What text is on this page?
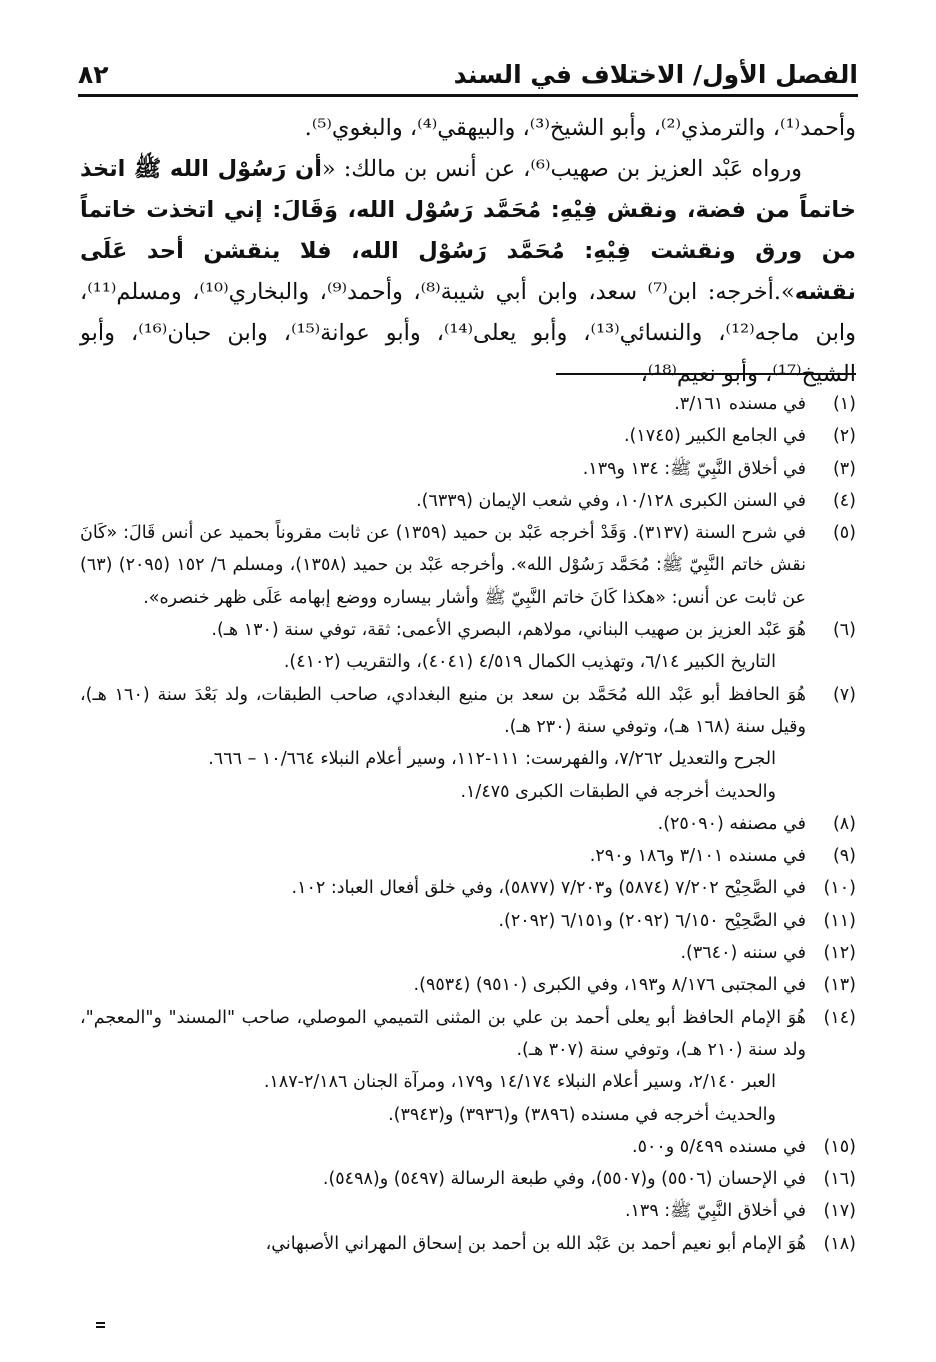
الفصل الأول/ الاختلاف في السند
٨٢

وأحمد⁽¹⁾، والترمذي⁽²⁾، وأبو الشيخ⁽³⁾، والبيهقي⁽⁴⁾، والبغوي⁽⁵⁾.

ورواه عَبْد العزيز بن صهيب⁽⁶⁾، عن أنس بن مالك: «أن رَسُوْل الله ﷺ اتخذ خاتماً من فضة، ونقش فِيْهِ: مُحَمَّد رَسُوْل الله، وَقَالَ: إني اتخذت خاتماً من ورق ونقشت فِيْهِ: مُحَمَّد رَسُوْل الله، فلا ينقشن أحد عَلَى نقشه».أخرجه: ابن⁽⁷⁾ سعد، وابن أبي شيبة⁽⁸⁾، وأحمد⁽⁹⁾، والبخاري⁽¹⁰⁾، ومسلم⁽¹¹⁾، وابن ماجه⁽¹²⁾، والنسائي⁽¹³⁾، وأبو يعلى⁽¹⁴⁾، وأبو عوانة⁽¹⁵⁾، وابن حبان⁽¹⁶⁾، وأبو الشيخ⁽¹⁷⁾، وأبو نعيم⁽¹⁸⁾،

(١)
في مسنده ٣/١٦١.
(٢)
في الجامع الكبير (١٧٤٥).
(٣)
في أخلاق النَّبِيّ ﷺ: ١٣٤ و١٣٩.
(٤)
في السنن الكبرى ١٠/١٢٨، وفي شعب الإيمان (٦٣٣٩).
(٥)
في شرح السنة (٣١٣٧). وَقَدْ أخرجه عَبْد بن حميد (١٣٥٩) عن ثابت مقروناً بحميد عن أنس قَالَ: «كَانَ نقش خاتم النَّبِيّ ﷺ: مُحَمَّد رَسُوْل الله». وأخرجه عَبْد بن حميد (١٣٥٨)، ومسلم ٦/ ١٥٢ (٢٠٩٥) (٦٣) عن ثابت عن أنس: «هكذا كَانَ خاتم النَّبِيّ ﷺ وأشار بيساره ووضع إبهامه عَلَى ظهر خنصره».
(٦)
هُوَ عَبْد العزيز بن صهيب البناني، مولاهم، البصري الأعمى: ثقة، توفي سنة (١٣٠ هـ).
التاريخ الكبير ٦/١٤، وتهذيب الكمال ٤/٥١٩ (٤٠٤١)، والتقريب (٤١٠٢).
(٧)
هُوَ الحافظ أبو عَبْد الله مُحَمَّد بن سعد بن منيع البغدادي، صاحب الطبقات، ولد بَعْدَ سنة (١٦٠ هـ)، وقيل سنة (١٦٨ هـ)، وتوفي سنة (٢٣٠ هـ).
الجرح والتعديل ٧/٢٦٢، والفهرست: ١١١-١١٢، وسير أعلام النبلاء ١٠/٦٦٤ – ٦٦٦.
والحديث أخرجه في الطبقات الكبرى ١/٤٧٥.
(٨)
في مصنفه (٢٥٠٩٠).
(٩)
في مسنده ٣/١٠١ و١٨٦ و٢٩٠.
(١٠)
في الصَّحِيْح ٧/٢٠٢ (٥٨٧٤) و٧/٢٠٣ (٥٨٧٧)، وفي خلق أفعال العباد: ١٠٢.
(١١)
في الصَّحِيْح ٦/١٥٠ (٢٠٩٢) و٦/١٥١ (٢٠٩٢).
(١٢)
في سننه (٣٦٤٠).
(١٣)
في المجتبى ٨/١٧٦ و١٩٣، وفي الكبرى (٩٥١٠) (٩٥٣٤).
(١٤)
هُوَ الإمام الحافظ أبو يعلى أحمد بن علي بن المثنى التميمي الموصلي، صاحب "المسند" و"المعجم"، ولد سنة (٢١٠ هـ)، وتوفي سنة (٣٠٧ هـ).
العبر ٢/١٤٠، وسير أعلام النبلاء ١٤/١٧٤ و١٧٩، ومرآة الجنان ٢/١٨٦-١٨٧.
والحديث أخرجه في مسنده (٣٨٩٦) و(٣٩٣٦) و(٣٩٤٣).
(١٥)
في مسنده ٥/٤٩٩ و٥٠٠.
(١٦)
في الإحسان (٥٥٠٦) و(٥٥٠٧)، وفي طبعة الرسالة (٥٤٩٧) و(٥٤٩٨).
(١٧)
في أخلاق النَّبِيّ ﷺ: ١٣٩.
(١٨)
هُوَ الإمام أبو نعيم أحمد بن عَبْد الله بن أحمد بن إسحاق المهراني الأصبهاني،
